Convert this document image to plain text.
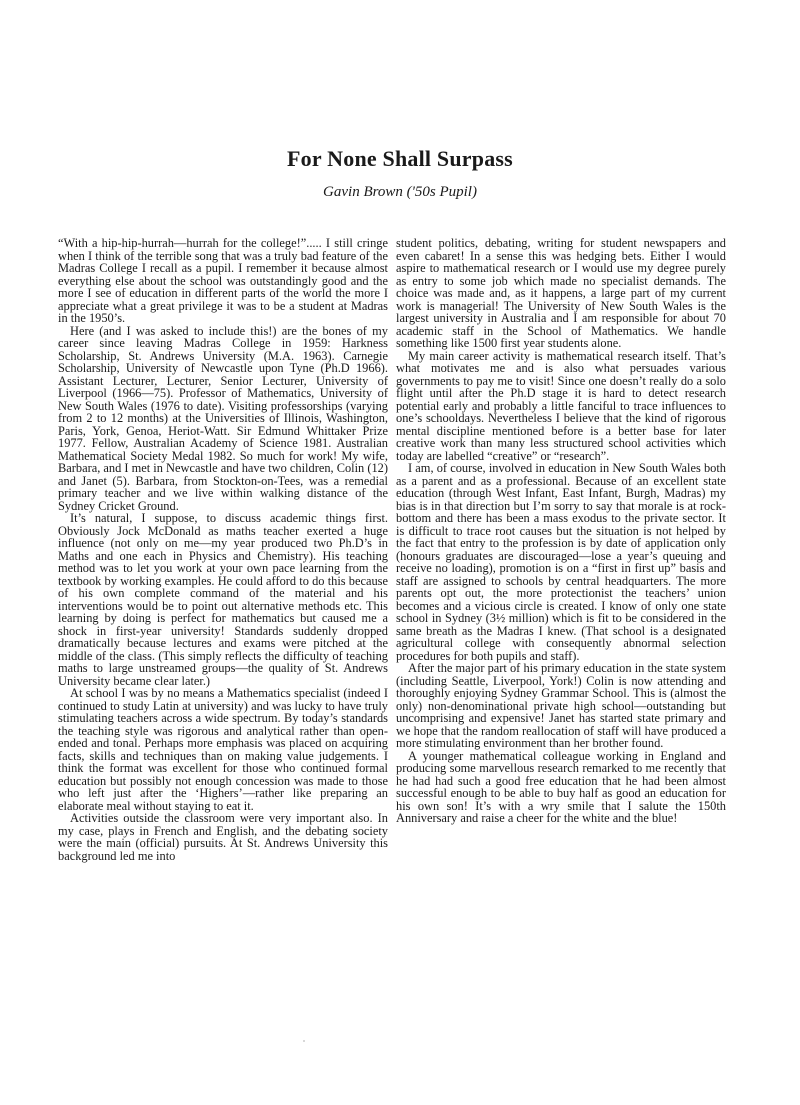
For None Shall Surpass
Gavin Brown ('50s Pupil)

“With a hip-hip-hurrah—hurrah for the college!”..... I still cringe when I think of the terrible song that was a truly bad feature of the Madras College I recall as a pupil. I remember it because almost everything else about the school was outstandingly good and the more I see of education in different parts of the world the more I appreciate what a great privilege it was to be a student at Madras in the 1950’s.

Here (and I was asked to include this!) are the bones of my career since leaving Madras College in 1959: Harkness Scholarship, St. Andrews University (M.A. 1963). Carnegie Scholarship, University of Newcastle upon Tyne (Ph.D 1966). Assistant Lecturer, Lecturer, Senior Lecturer, University of Liverpool (1966—75). Professor of Mathematics, University of New South Wales (1976 to date). Visiting professorships (varying from 2 to 12 months) at the Universities of Illinois, Washington, Paris, York, Genoa, Heriot-Watt. Sir Edmund Whittaker Prize 1977. Fellow, Australian Academy of Science 1981. Australian Mathematical Society Medal 1982. So much for work! My wife, Barbara, and I met in Newcastle and have two children, Colin (12) and Janet (5). Barbara, from Stockton-on-Tees, was a remedial primary teacher and we live within walking distance of the Sydney Cricket Ground.

It’s natural, I suppose, to discuss academic things first. Obviously Jock McDonald as maths teacher exerted a huge influence (not only on me—my year produced two Ph.D’s in Maths and one each in Physics and Chemistry). His teaching method was to let you work at your own pace learning from the textbook by working examples. He could afford to do this because of his own complete command of the material and his interventions would be to point out alternative methods etc. This learning by doing is perfect for mathematics but caused me a shock in first-year university! Standards suddenly dropped dramatically because lectures and exams were pitched at the middle of the class. (This simply reflects the difficulty of teaching maths to large unstreamed groups—the quality of St. Andrews University became clear later.)

At school I was by no means a Mathematics specialist (indeed I continued to study Latin at university) and was lucky to have truly stimulating teachers across a wide spectrum. By today’s standards the teaching style was rigorous and analytical rather than open-ended and tonal. Perhaps more emphasis was placed on acquiring facts, skills and techniques than on making value judgements. I think the format was excellent for those who continued formal education but possibly not enough concession was made to those who left just after the ‘Highers’—rather like preparing an elaborate meal without staying to eat it.

Activities outside the classroom were very important also. In my case, plays in French and English, and the debating society were the main (official) pursuits. At St. Andrews University this background led me into

student politics, debating, writing for student newspapers and even cabaret! In a sense this was hedging bets. Either I would aspire to mathematical research or I would use my degree purely as entry to some job which made no specialist demands. The choice was made and, as it happens, a large part of my current work is managerial! The University of New South Wales is the largest university in Australia and I am responsible for about 70 academic staff in the School of Mathematics. We handle something like 1500 first year students alone.

My main career activity is mathematical research itself. That’s what motivates me and is also what persuades various governments to pay me to visit! Since one doesn’t really do a solo flight until after the Ph.D stage it is hard to detect research potential early and probably a little fanciful to trace influences to one’s schooldays. Nevertheless I believe that the kind of rigorous mental discipline mentioned before is a better base for later creative work than many less structured school activities which today are labelled “creative” or “research”.

I am, of course, involved in education in New South Wales both as a parent and as a professional. Because of an excellent state education (through West Infant, East Infant, Burgh, Madras) my bias is in that direction but I’m sorry to say that morale is at rock-bottom and there has been a mass exodus to the private sector. It is difficult to trace root causes but the situation is not helped by the fact that entry to the profession is by date of application only (honours graduates are discouraged—lose a year’s queuing and receive no loading), promotion is on a “first in first up” basis and staff are assigned to schools by central headquarters. The more parents opt out, the more protectionist the teachers’ union becomes and a vicious circle is created. I know of only one state school in Sydney (3½ million) which is fit to be considered in the same breath as the Madras I knew. (That school is a designated agricultural college with consequently abnormal selection procedures for both pupils and staff).

After the major part of his primary education in the state system (including Seattle, Liverpool, York!) Colin is now attending and thoroughly enjoying Sydney Grammar School. This is (almost the only) non-denominational private high school—outstanding but uncomprising and expensive! Janet has started state primary and we hope that the random reallocation of staff will have produced a more stimulating environment than her brother found.

A younger mathematical colleague working in England and producing some marvellous research remarked to me recently that he had had such a good free education that he had been almost successful enough to be able to buy half as good an education for his own son! It’s with a wry smile that I salute the 150th Anniversary and raise a cheer for the white and the blue!
